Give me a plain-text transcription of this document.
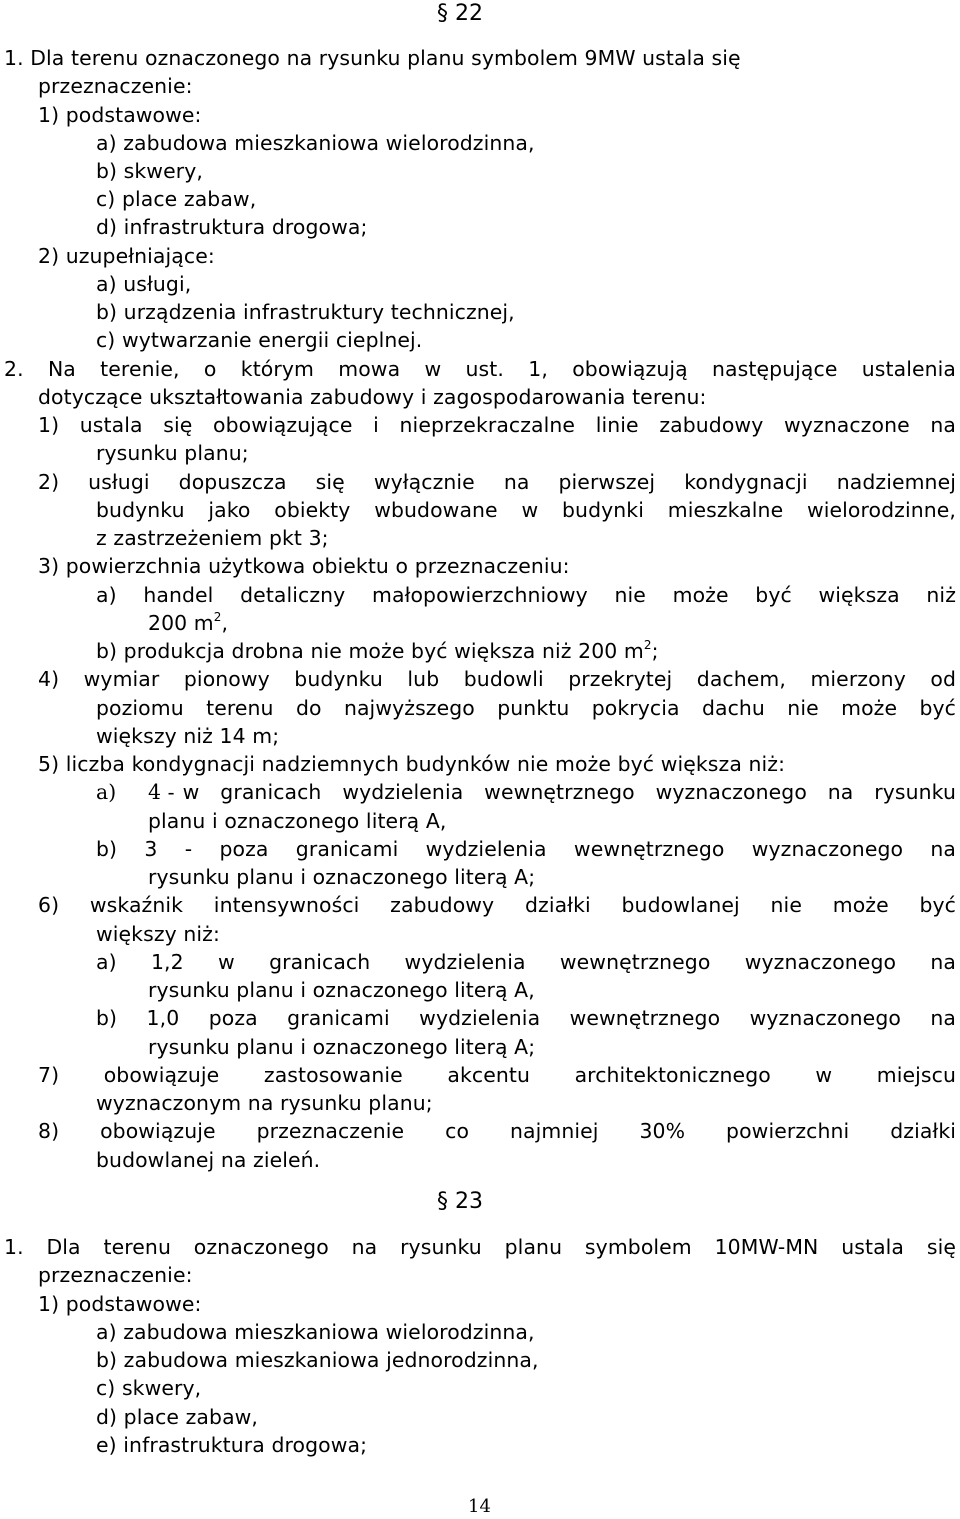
§ 22
1. Dla terenu oznaczonego na rysunku planu symbolem 9MW ustala się
przeznaczenie:
1) podstawowe:
a) zabudowa mieszkaniowa wielorodzinna,
b) skwery,
c) place zabaw,
d) infrastruktura drogowa;
2) uzupełniające:
a) usługi,
b) urządzenia infrastruktury technicznej,
c) wytwarzanie energii cieplnej.
2. Na terenie, o którym mowa w ust. 1, obowiązują następujące ustalenia
dotyczące ukształtowania zabudowy i zagospodarowania terenu:
1) ustala się obowiązujące i nieprzekraczalne linie zabudowy wyznaczone na
rysunku planu;
2) usługi dopuszcza się wyłącznie na pierwszej kondygnacji nadziemnej
budynku jako obiekty wbudowane w budynki mieszkalne wielorodzinne,
z zastrzeżeniem pkt 3;
3) powierzchnia użytkowa obiektu o przeznaczeniu:
a) handel detaliczny małopowierzchniowy nie może być większa niż
200 $m^2$,
b) produkcja drobna nie może być większa niż 200 $m^2$;
4) wymiar pionowy budynku lub budowli przekrytej dachem, mierzony od
poziomu terenu do najwyższego punktu pokrycia dachu nie może być
większy niż 14 m;
5) liczba kondygnacji nadziemnych budynków nie może być większa niż:
a)	4 - w granicach wydzielenia wewnętrznego wyznaczonego na rysunku
planu i oznaczonego literą A,
b) 3 - poza granicami wydzielenia wewnętrznego wyznaczonego na
rysunku planu i oznaczonego literą A;
6) wskaźnik intensywności zabudowy działki budowlanej nie może być
większy niż:
a) 1,2 w granicach wydzielenia wewnętrznego wyznaczonego na
rysunku planu i oznaczonego literą A,
b) 1,0 poza granicami wydzielenia wewnętrznego wyznaczonego na
rysunku planu i oznaczonego literą A;
7) obowiązuje zastosowanie akcentu architektonicznego w miejscu
wyznaczonym na rysunku planu;
8) obowiązuje przeznaczenie co najmniej 30% powierzchni działki
budowlanej na zieleń.
§ 23
1. Dla terenu oznaczonego na rysunku planu symbolem 10MW-MN ustala się
przeznaczenie:
1) podstawowe:
a) zabudowa mieszkaniowa wielorodzinna,
b) zabudowa mieszkaniowa jednorodzinna,
c) skwery,
d) place zabaw,
e) infrastruktura drogowa;
14
